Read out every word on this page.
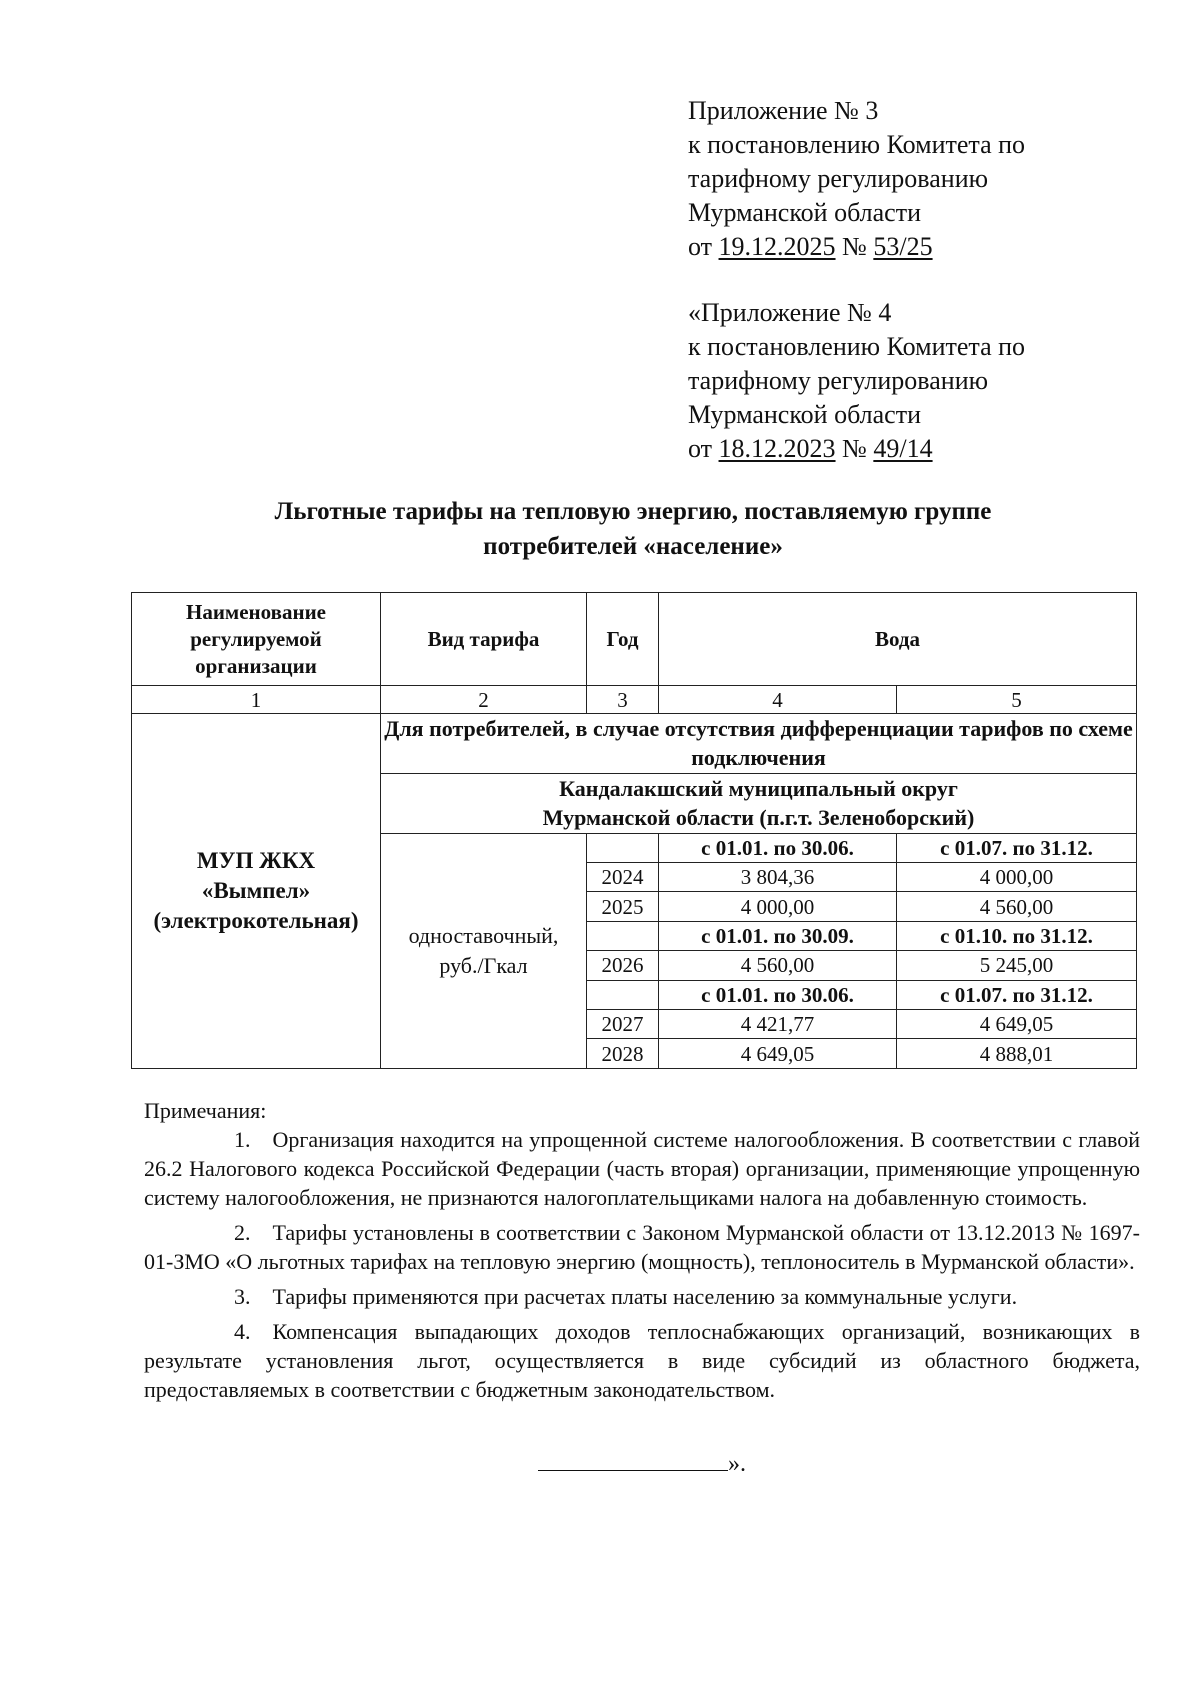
Приложение № 3
к постановлению Комитета по
тарифному регулированию
Мурманской области
от 19.12.2025 № 53/25
«Приложение № 4
к постановлению Комитета по
тарифному регулированию
Мурманской области
от 18.12.2023 № 49/14
Льготные тарифы на тепловую энергию, поставляемую группе
потребителей «население»
Наименование регулируемой организации	Вид тарифа	Год	Вода	
1	2	3	4	5

МУП ЖКХ
«Вымпел»
(электрокотельная)	Для потребителей, в случае отсутствия дифференциации тарифов по схеме подключения			

	Кандалакшский муниципальный округ
Мурманской области (п.г.т. Зеленоборский)			

	одноставочный,
руб./Гкал		с 01.01. по 30.06.	с 01.07. по 31.12.
		2024	3 804,36	4 000,00
		2025	4 000,00	4 560,00
			с 01.01. по 30.09.	с 01.10. по 31.12.
		2026	4 560,00	5 245,00
			с 01.01. по 30.06.	с 01.07. по 31.12.
		2027	4 421,77	4 649,05
		2028	4 649,05	4 888,01

Примечания:

1. Организация находится на упрощенной системе налогообложения. В соответствии с главой 26.2 Налогового кодекса Российской Федерации (часть вторая) организации, применяющие упрощенную систему налогообложения, не признаются налогоплательщиками налога на добавленную стоимость.

2. Тарифы установлены в соответствии с Законом Мурманской области от 13.12.2013 № 1697-01-ЗМО «О льготных тарифах на тепловую энергию (мощность), теплоноситель в Мурманской области».

3. Тарифы применяются при расчетах платы населению за коммунальные услуги.

4. Компенсация выпадающих доходов теплоснабжающих организаций, возникающих в результате установления льгот, осуществляется в виде субсидий из областного бюджета, предоставляемых в соответствии с бюджетным законодательством.

».
